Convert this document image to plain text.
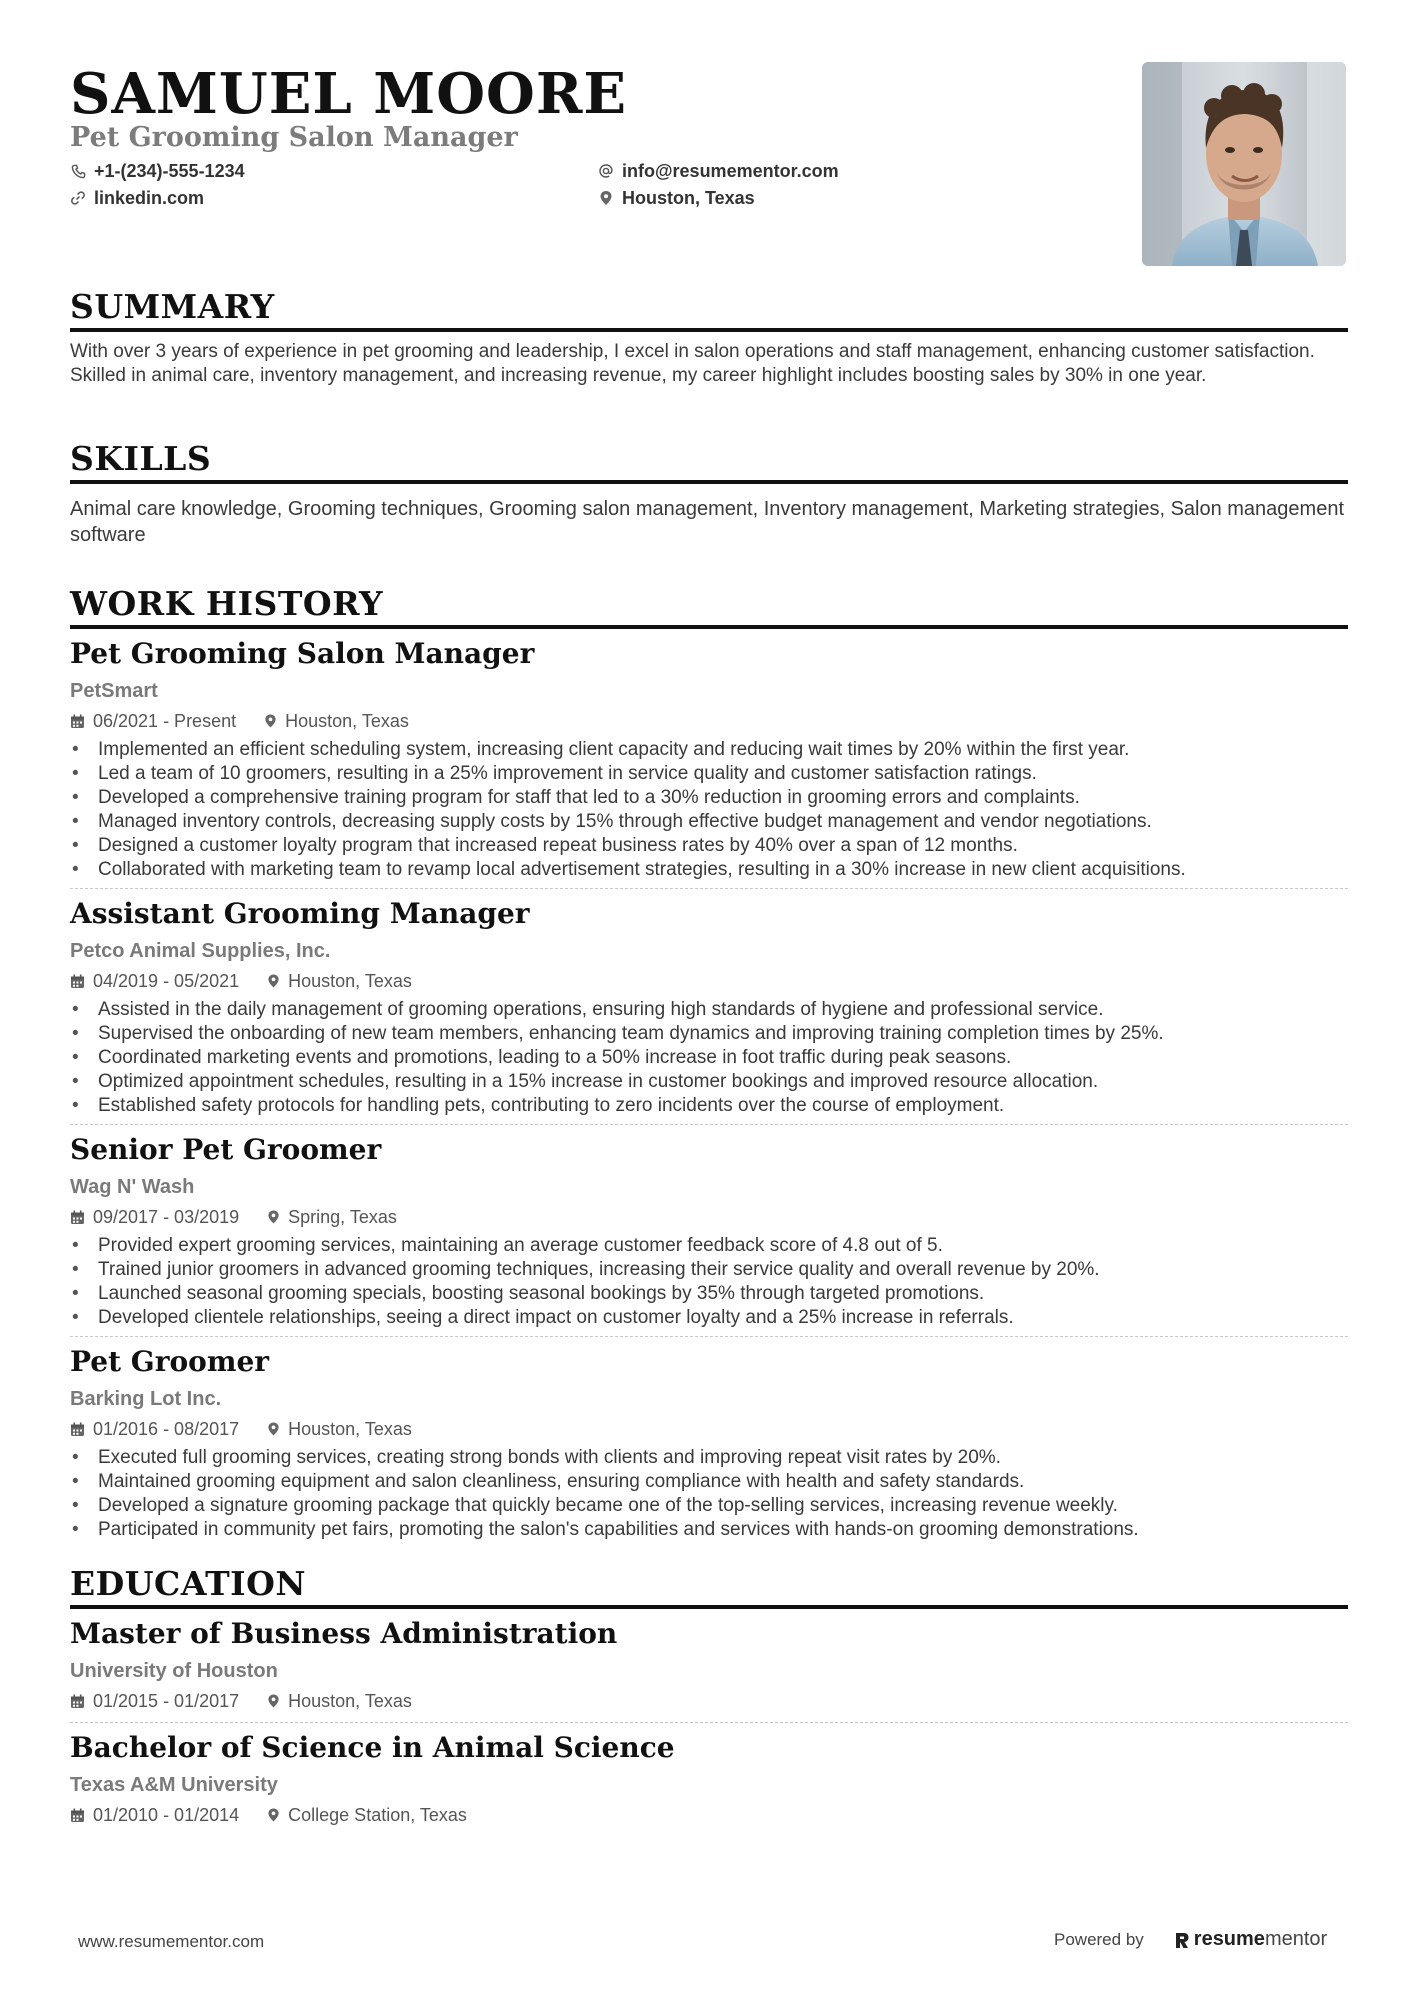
SAMUEL MOORE
Pet Grooming Salon Manager
+1-(234)-555-1234
linkedin.com
info@resumementor.com
Houston, Texas
SUMMARY
With over 3 years of experience in pet grooming and leadership, I excel in salon operations and staff management, enhancing customer satisfaction. Skilled in animal care, inventory management, and increasing revenue, my career highlight includes boosting sales by 30% in one year.
SKILLS
Animal care knowledge, Grooming techniques, Grooming salon management, Inventory management, Marketing strategies, Salon management software
WORK HISTORY
Pet Grooming Salon Manager
PetSmart
06/2021 - Present	Houston, Texas
• Implemented an efficient scheduling system, increasing client capacity and reducing wait times by 20% within the first year.
• Led a team of 10 groomers, resulting in a 25% improvement in service quality and customer satisfaction ratings.
• Developed a comprehensive training program for staff that led to a 30% reduction in grooming errors and complaints.
• Managed inventory controls, decreasing supply costs by 15% through effective budget management and vendor negotiations.
• Designed a customer loyalty program that increased repeat business rates by 40% over a span of 12 months.
• Collaborated with marketing team to revamp local advertisement strategies, resulting in a 30% increase in new client acquisitions.
Assistant Grooming Manager
Petco Animal Supplies, Inc.
04/2019 - 05/2021	Houston, Texas
• Assisted in the daily management of grooming operations, ensuring high standards of hygiene and professional service.
• Supervised the onboarding of new team members, enhancing team dynamics and improving training completion times by 25%.
• Coordinated marketing events and promotions, leading to a 50% increase in foot traffic during peak seasons.
• Optimized appointment schedules, resulting in a 15% increase in customer bookings and improved resource allocation.
• Established safety protocols for handling pets, contributing to zero incidents over the course of employment.
Senior Pet Groomer
Wag N' Wash
09/2017 - 03/2019	Spring, Texas
• Provided expert grooming services, maintaining an average customer feedback score of 4.8 out of 5.
• Trained junior groomers in advanced grooming techniques, increasing their service quality and overall revenue by 20%.
• Launched seasonal grooming specials, boosting seasonal bookings by 35% through targeted promotions.
• Developed clientele relationships, seeing a direct impact on customer loyalty and a 25% increase in referrals.
Pet Groomer
Barking Lot Inc.
01/2016 - 08/2017	Houston, Texas
• Executed full grooming services, creating strong bonds with clients and improving repeat visit rates by 20%.
• Maintained grooming equipment and salon cleanliness, ensuring compliance with health and safety standards.
• Developed a signature grooming package that quickly became one of the top-selling services, increasing revenue weekly.
• Participated in community pet fairs, promoting the salon's capabilities and services with hands-on grooming demonstrations.
EDUCATION
Master of Business Administration
University of Houston
01/2015 - 01/2017	Houston, Texas
Bachelor of Science in Animal Science
Texas A&M University
01/2010 - 01/2014	College Station, Texas
www.resumementor.com	Powered by	resume mentor
